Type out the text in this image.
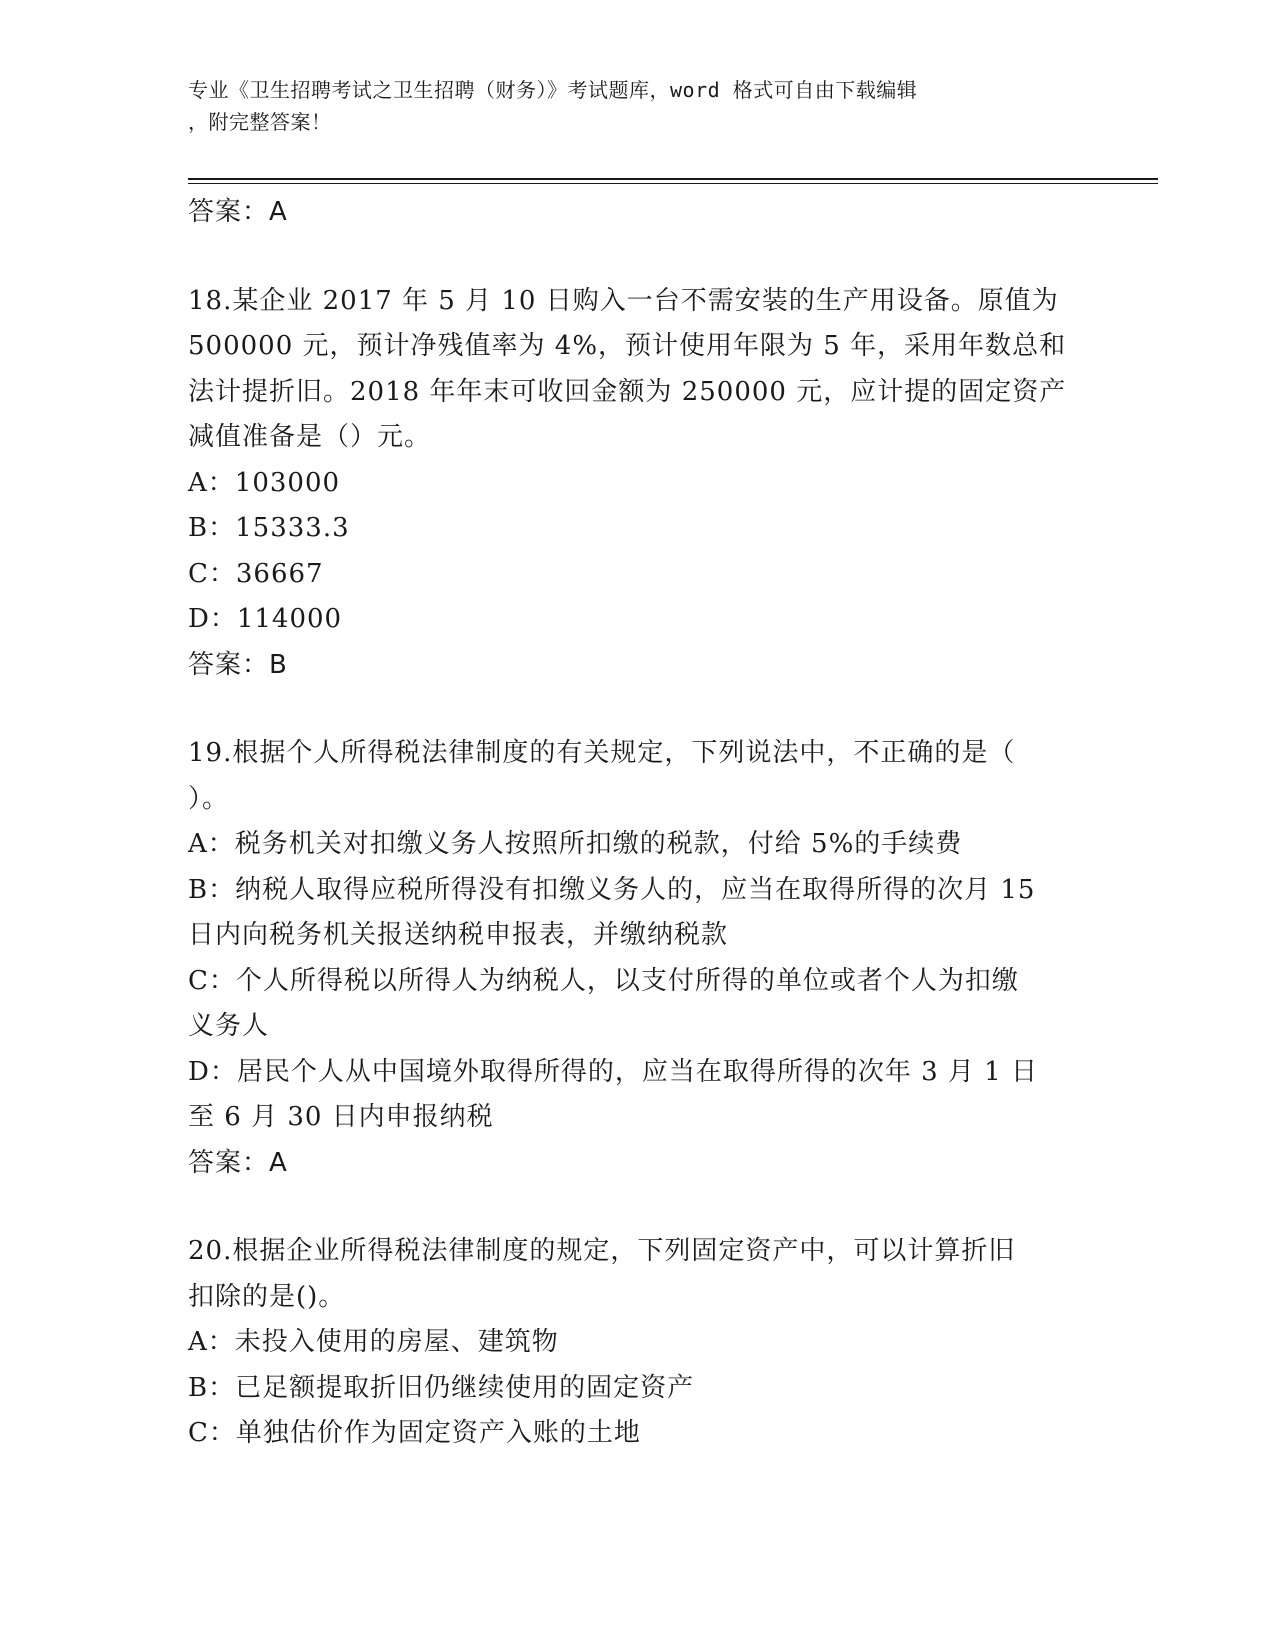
专业《卫生招聘考试之卫生招聘（财务）》考试题库，word 格式可自由下载编辑
，附完整答案！
答案：A
18.某企业 2017 年 5 月 10 日购入一台不需安装的生产用设备。原值为
500000 元，预计净残值率为 4%，预计使用年限为 5 年，采用年数总和
法计提折旧。2018 年年末可收回金额为 250000 元，应计提的固定资产
减值准备是（）元。
A：103000
B：15333.3
C：36667
D：114000
答案：B
19.根据个人所得税法律制度的有关规定，下列说法中，不正确的是（
）。
A：税务机关对扣缴义务人按照所扣缴的税款，付给 5%的手续费
B：纳税人取得应税所得没有扣缴义务人的，应当在取得所得的次月 15
日内向税务机关报送纳税申报表，并缴纳税款
C：个人所得税以所得人为纳税人，以支付所得的单位或者个人为扣缴
义务人
D：居民个人从中国境外取得所得的，应当在取得所得的次年 3 月 1 日
至 6 月 30 日内申报纳税
答案：A
20.根据企业所得税法律制度的规定，下列固定资产中，可以计算折旧
扣除的是()。
A：未投入使用的房屋、建筑物
B：已足额提取折旧仍继续使用的固定资产
C：单独估价作为固定资产入账的土地
